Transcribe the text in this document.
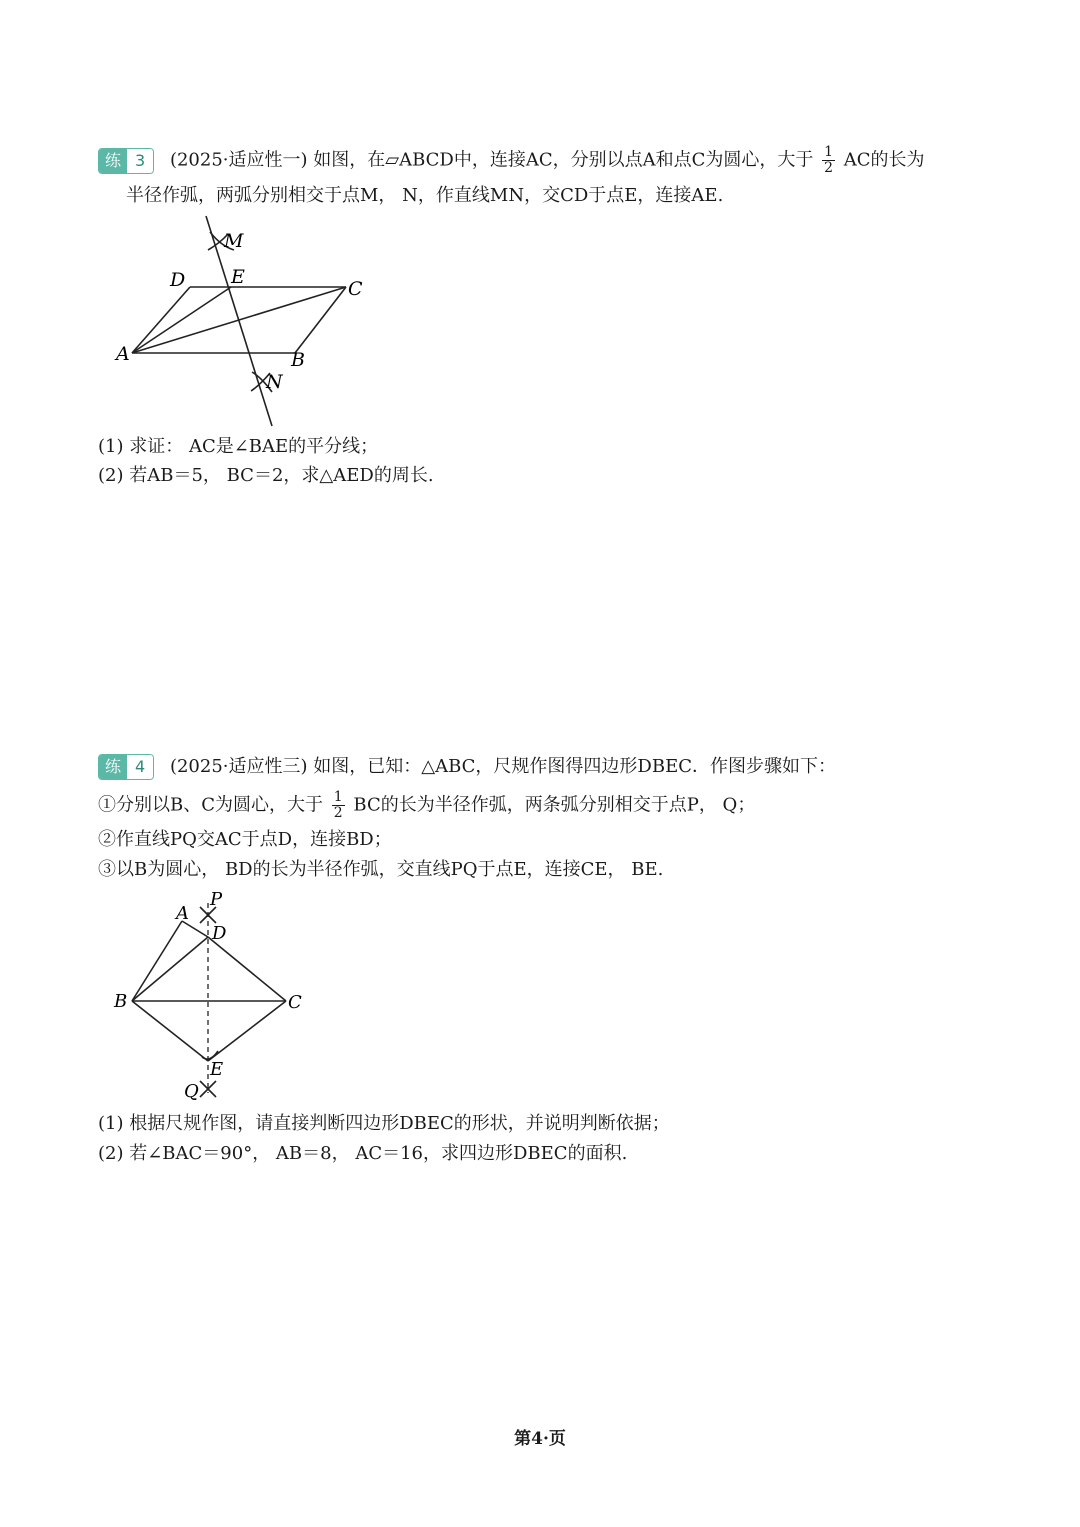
练 3	(2025·适应性一) 如图，在▱ABCD中，连接AC，分别以点A和点C为圆心，大于 $\frac{1}{2}$ AC的长为
半径作弧，两弧分别相交于点M， N，作直线MN，交CD于点E，连接AE.
M
E
D	C
A	B
N
(1) 求证： AC是∠BAE的平分线；
(2) 若AB＝5， BC＝2，求△AED的周长.
练 4	(2025·适应性三) 如图，已知：△ABC，尺规作图得四边形DBEC．作图步骤如下：
①分别以B、C为圆心，大于 $\frac{1}{2}$ BC的长为半径作弧，两条弧分别相交于点P， Q；
②作直线PQ交AC于点D，连接BD；
③以B为圆心， BD的长为半径作弧，交直线PQ于点E，连接CE， BE.
P
A
D
B	C
E
Q
(1) 根据尺规作图，请直接判断四边形DBEC的形状，并说明判断依据；
(2) 若∠BAC＝90°， AB＝8， AC＝16，求四边形DBEC的面积.
第4·页
